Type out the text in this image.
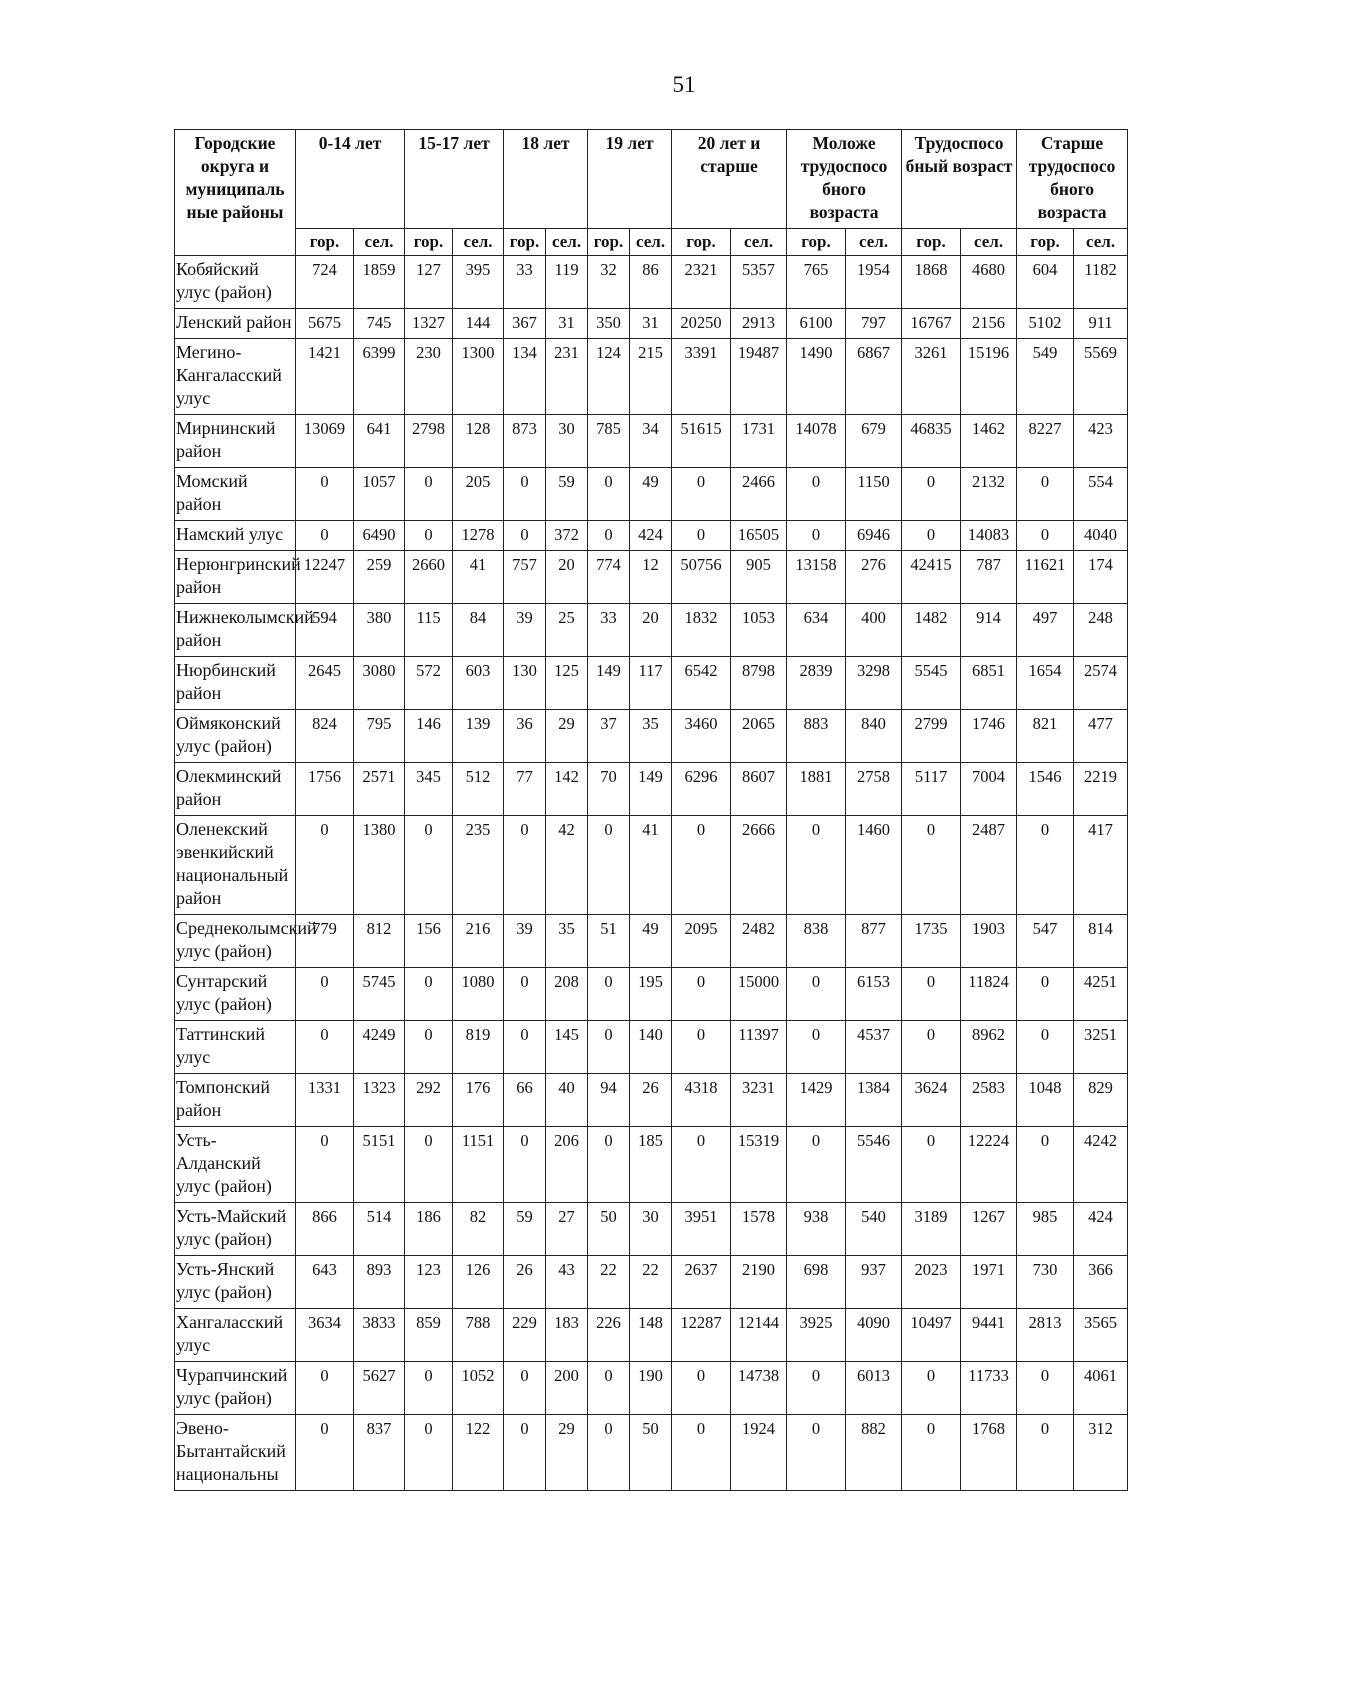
51
Городские округа и муниципаль ные районы	0-14 лет		15-17 лет		18 лет		19 лет		20 лет и старше		Моложе трудоспосо бного возраста		Трудоспосо бный возраст		Старше трудоспосо бного возраста	
	гор.	сел.	гор.	сел.	гор.	сел.	гор.	сел.	гор.	сел.	гор.	сел.	гор.	сел.	гор.	сел.
Кобяйский улус (район)	724	1859	127	395	33	119	32	86	2321	5357	765	1954	1868	4680	604	1182
Ленский район	5675	745	1327	144	367	31	350	31	20250	2913	6100	797	16767	2156	5102	911
Мегино-Кангаласский улус	1421	6399	230	1300	134	231	124	215	3391	19487	1490	6867	3261	15196	549	5569
Мирнинский район	13069	641	2798	128	873	30	785	34	51615	1731	14078	679	46835	1462	8227	423
Момский район	0	1057	0	205	0	59	0	49	0	2466	0	1150	0	2132	0	554
Намский улус	0	6490	0	1278	0	372	0	424	0	16505	0	6946	0	14083	0	4040
Нерюнгринский район	12247	259	2660	41	757	20	774	12	50756	905	13158	276	42415	787	11621	174
Нижнеколымский район	594	380	115	84	39	25	33	20	1832	1053	634	400	1482	914	497	248
Нюрбинский район	2645	3080	572	603	130	125	149	117	6542	8798	2839	3298	5545	6851	1654	2574
Оймяконский улус (район)	824	795	146	139	36	29	37	35	3460	2065	883	840	2799	1746	821	477
Олекминский район	1756	2571	345	512	77	142	70	149	6296	8607	1881	2758	5117	7004	1546	2219
Оленекский эвенкийский национальный район	0	1380	0	235	0	42	0	41	0	2666	0	1460	0	2487	0	417
Среднеколымский улус (район)	779	812	156	216	39	35	51	49	2095	2482	838	877	1735	1903	547	814
Сунтарский улус (район)	0	5745	0	1080	0	208	0	195	0	15000	0	6153	0	11824	0	4251
Таттинский улус	0	4249	0	819	0	145	0	140	0	11397	0	4537	0	8962	0	3251
Томпонский район	1331	1323	292	176	66	40	94	26	4318	3231	1429	1384	3624	2583	1048	829
Усть-Алданский улус (район)	0	5151	0	1151	0	206	0	185	0	15319	0	5546	0	12224	0	4242
Усть-Майский улус (район)	866	514	186	82	59	27	50	30	3951	1578	938	540	3189	1267	985	424
Усть-Янский улус (район)	643	893	123	126	26	43	22	22	2637	2190	698	937	2023	1971	730	366
Хангаласский улус	3634	3833	859	788	229	183	226	148	12287	12144	3925	4090	10497	9441	2813	3565
Чурапчинский улус (район)	0	5627	0	1052	0	200	0	190	0	14738	0	6013	0	11733	0	4061
Эвено-Бытантайский национальны	0	837	0	122	0	29	0	50	0	1924	0	882	0	1768	0	312
